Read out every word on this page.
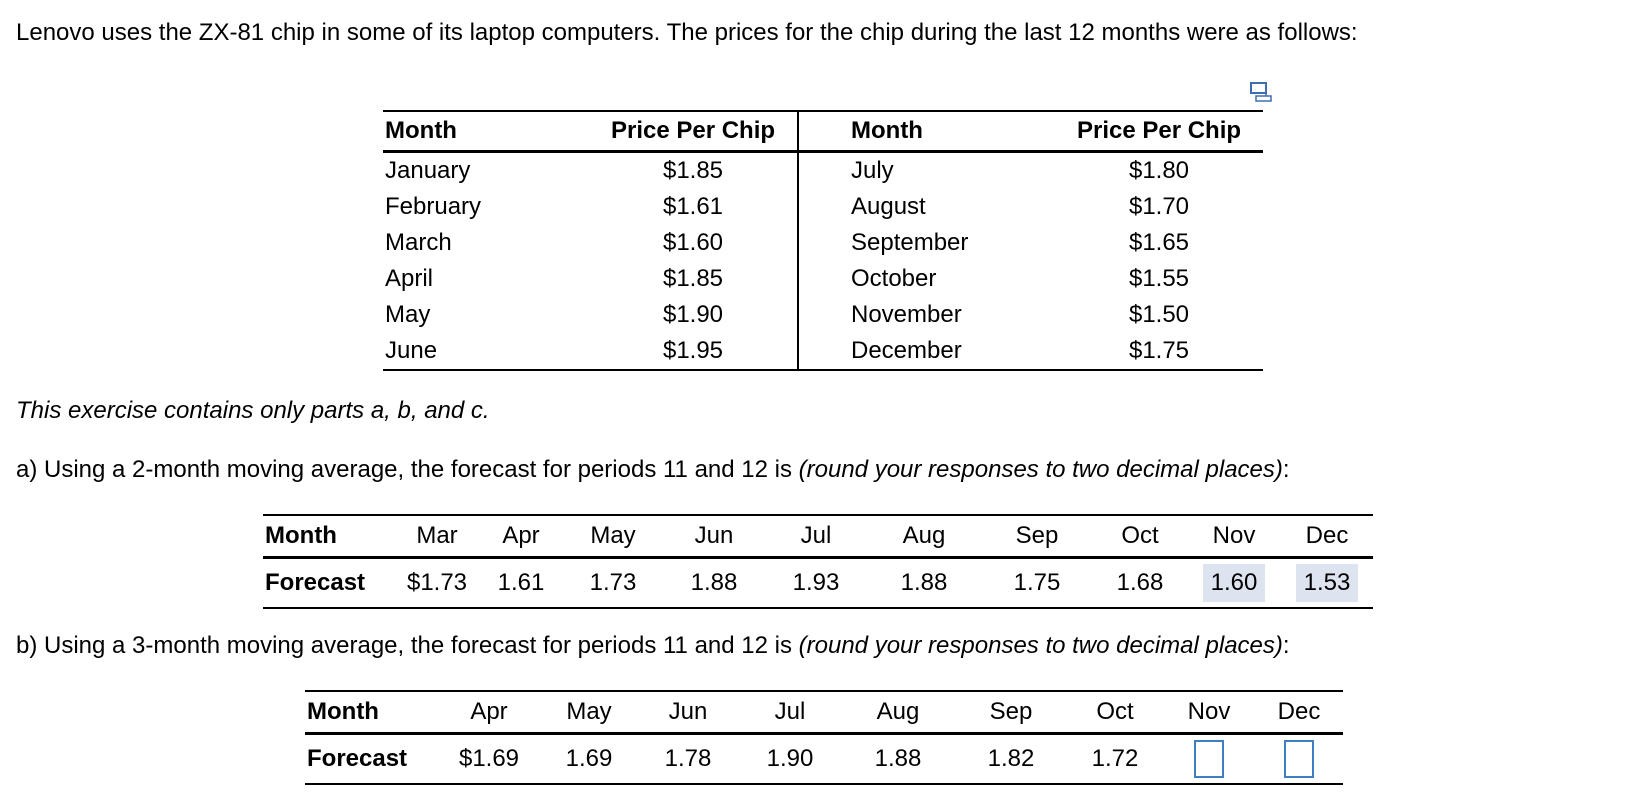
Lenovo uses the ZX-81 chip in some of its laptop computers. The prices for the chip during the last 12 months were as follows:
Month	Price Per Chip	Month	Price Per Chip
January	$1.85	July	$1.80
February	$1.61	August	$1.70
March	$1.60	September	$1.65
April	$1.85	October	$1.55
May	$1.90	November	$1.50
June	$1.95	December	$1.75
This exercise contains only parts a, b, and c.
a) Using a 2-month moving average, the forecast for periods 11 and 12 is (round your responses to two decimal places):
Month	Mar	Apr	May	Jun	Jul	Aug	Sep	Oct	Nov	Dec
Forecast	$1.73	1.61	1.73	1.88	1.93	1.88	1.75	1.68	1.60	1.53
b) Using a 3-month moving average, the forecast for periods 11 and 12 is (round your responses to two decimal places):
Month	Apr	May	Jun	Jul	Aug	Sep	Oct	Nov	Dec
Forecast	$1.69	1.69	1.78	1.90	1.88	1.82	1.72		
